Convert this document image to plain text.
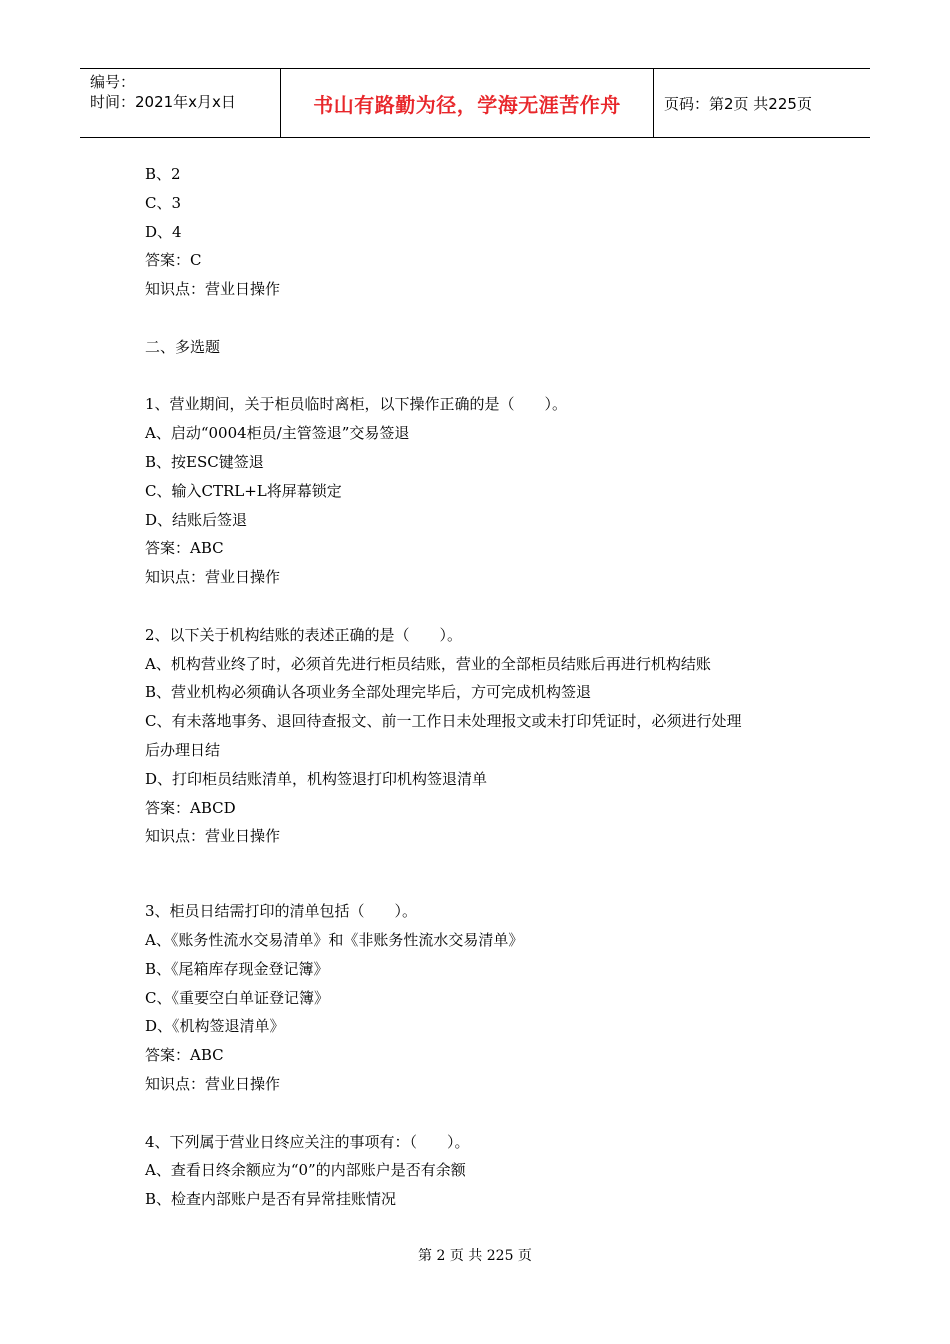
编号：
时间：2021年x月x日	书山有路勤为径，学海无涯苦作舟	页码：第2页 共225页
B、2
C、3
D、4
答案：C
知识点：营业日操作
二、多选题
1、营业期间，关于柜员临时离柜，以下操作正确的是（　　）。
A、启动“0004柜员/主管签退”交易签退
B、按ESC键签退
C、输入CTRL+L将屏幕锁定
D、结账后签退
答案：ABC
知识点：营业日操作
2、以下关于机构结账的表述正确的是（　　）。
A、机构营业终了时，必须首先进行柜员结账，营业的全部柜员结账后再进行机构结账
B、营业机构必须确认各项业务全部处理完毕后，方可完成机构签退
C、有未落地事务、退回待查报文、前一工作日未处理报文或未打印凭证时，必须进行处理
后办理日结
D、打印柜员结账清单，机构签退打印机构签退清单
答案：ABCD
知识点：营业日操作
3、柜员日结需打印的清单包括（　　）。
A、《账务性流水交易清单》和《非账务性流水交易清单》
B、《尾箱库存现金登记簿》
C、《重要空白单证登记簿》
D、《机构签退清单》
答案：ABC
知识点：营业日操作
4、下列属于营业日终应关注的事项有：（　　）。
A、查看日终余额应为“0”的内部账户是否有余额
B、检查内部账户是否有异常挂账情况
第 2 页 共 225 页
